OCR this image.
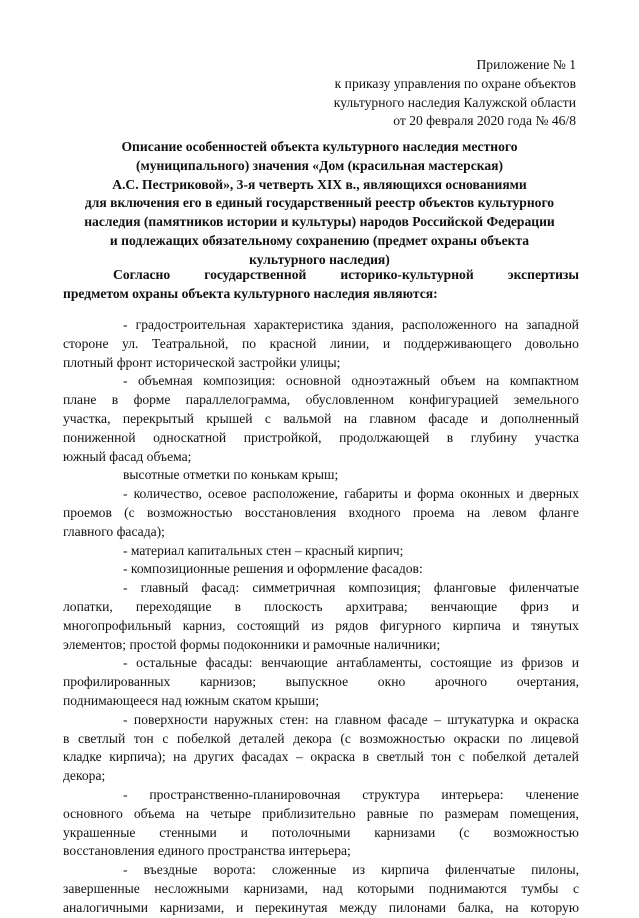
Приложение № 1
к приказу управления по охране объектов
культурного наследия Калужской области
от 20 февраля 2020 года № 46/8
Описание особенностей объекта культурного наследия местного
(муниципального) значения «Дом (красильная мастерская)
А.С. Пестриковой», 3-я четверть XIX в., являющихся основаниями
для включения его в единый государственный реестр объектов культурного
наследия (памятников истории и культуры) народов Российской Федерации
и подлежащих обязательному сохранению (предмет охраны объекта
культурного наследия)
Согласно	государственной	историко-культурной	экспертизы
предметом охраны объекта культурного наследия являются:
- градостроительная характеристика здания, расположенного на западной
стороне ул. Театральной, по красной линии, и поддерживающего довольно
плотный фронт исторической застройки улицы;
- объемная композиция: основной одноэтажный объем на компактном
плане в форме параллелограмма, обусловленном конфигурацией земельного
участка, перекрытый крышей с вальмой на главном фасаде и дополненный
пониженной односкатной пристройкой, продолжающей в глубину участка
южный фасад объема;
высотные отметки по конькам крыш;
- количество, осевое расположение, габариты и форма оконных и дверных
проемов (с возможностью восстановления входного проема на левом фланге
главного фасада);
- материал капитальных стен – красный кирпич;
- композиционные решения и оформление фасадов:
- главный фасад: симметричная композиция; фланговые филенчатые
лопатки, переходящие в плоскость архитрава; венчающие фриз и
многопрофильный карниз, состоящий из рядов фигурного кирпича и тянутых
элементов; простой формы подоконники и рамочные наличники;
- остальные фасады: венчающие антабламенты, состоящие из фризов и
профилированных карнизов; выпускное окно арочного очертания,
поднимающееся над южным скатом крыши;
- поверхности наружных стен: на главном фасаде – штукатурка и окраска
в светлый тон с побелкой деталей декора (с возможностью окраски по лицевой
кладке кирпича); на других фасадах – окраска в светлый тон с побелкой деталей
декора;
- пространственно-планировочная структура интерьера: членение
основного объема на четыре приблизительно равные по размерам помещения,
украшенные стенными и потолочными карнизами (с возможностью
восстановления единого пространства интерьера;
- въездные ворота: сложенные из кирпича филенчатые пилоны,
завершенные несложными карнизами, над которыми поднимаются тумбы с
аналогичными карнизами, и перекинутая между пилонами балка, на которую
